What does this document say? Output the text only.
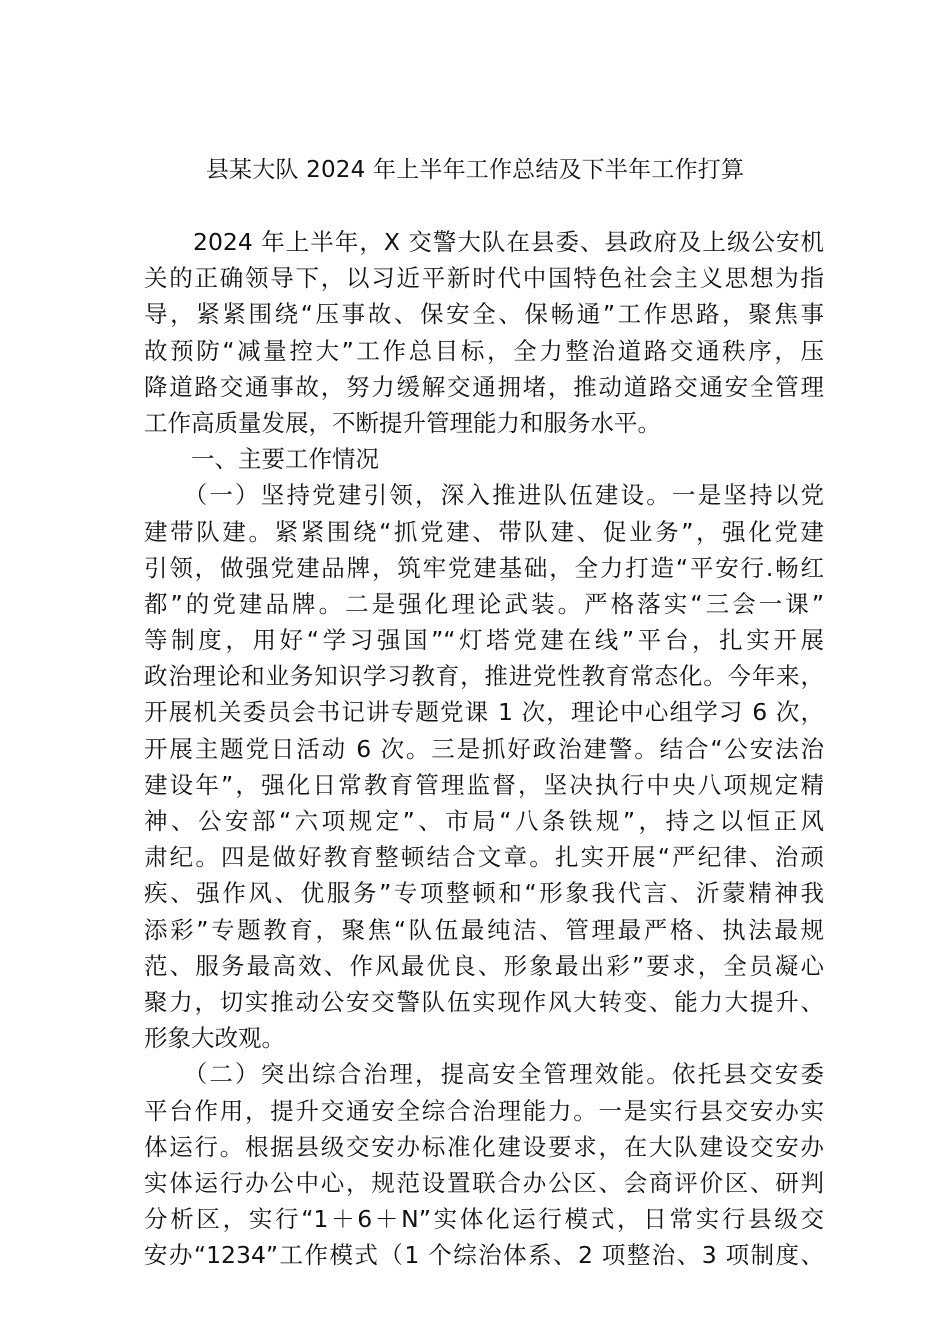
县某大队 2024 年上半年工作总结及下半年工作打算
　　2024 年上半年，X 交警大队在县委、县政府及上级公安机
关的正确领导下，以习近平新时代中国特色社会主义思想为指
导，紧紧围绕“压事故、保安全、保畅通”工作思路，聚焦事
故预防“减量控大”工作总目标，全力整治道路交通秩序，压
降道路交通事故，努力缓解交通拥堵，推动道路交通安全管理
工作高质量发展，不断提升管理能力和服务水平。
　　一、主要工作情况
　　（一）坚持党建引领，深入推进队伍建设。一是坚持以党
建带队建。紧紧围绕“抓党建、带队建、促业务”，强化党建
引领，做强党建品牌，筑牢党建基础，全力打造“平安行.畅红
都”的党建品牌。二是强化理论武装。严格落实“三会一课”
等制度，用好“学习强国”“灯塔党建在线”平台，扎实开展
政治理论和业务知识学习教育，推进党性教育常态化。今年来，
开展机关委员会书记讲专题党课 1 次，理论中心组学习 6 次，
开展主题党日活动 6 次。三是抓好政治建警。结合“公安法治
建设年”，强化日常教育管理监督，坚决执行中央八项规定精
神、公安部“六项规定”、市局“八条铁规”，持之以恒正风
肃纪。四是做好教育整顿结合文章。扎实开展“严纪律、治顽
疾、强作风、优服务”专项整顿和“形象我代言、沂蒙精神我
添彩”专题教育，聚焦“队伍最纯洁、管理最严格、执法最规
范、服务最高效、作风最优良、形象最出彩”要求，全员凝心
聚力，切实推动公安交警队伍实现作风大转变、能力大提升、
形象大改观。
　　（二）突出综合治理，提高安全管理效能。依托县交安委
平台作用，提升交通安全综合治理能力。一是实行县交安办实
体运行。根据县级交安办标准化建设要求，在大队建设交安办
实体运行办公中心，规范设置联合办公区、会商评价区、研判
分析区，实行“1＋6＋N”实体化运行模式，日常实行县级交
安办“1234”工作模式（1 个综治体系、2 项整治、3 项制度、
